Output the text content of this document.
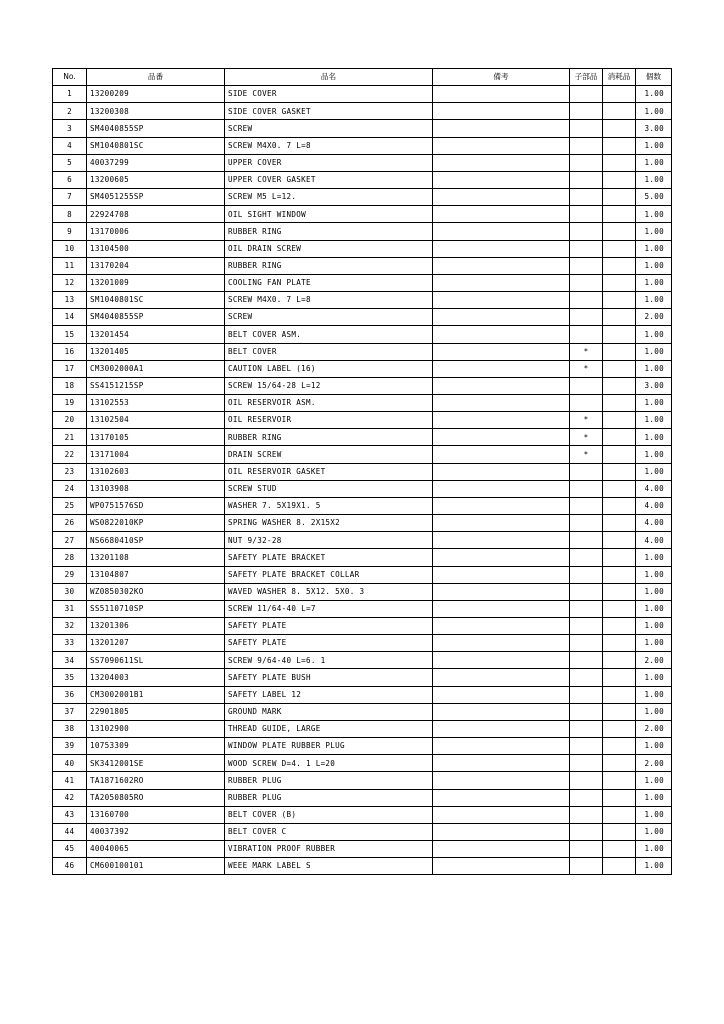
No.	品番	品名	備考	子部品	消耗品	個数
1	13200209	SIDE COVER				1.00
2	13200308	SIDE COVER GASKET				1.00
3	SM4040855SP	SCREW				3.00
4	SM1040801SC	SCREW M4X0. 7 L=8				1.00
5	40037299	UPPER COVER				1.00
6	13200605	UPPER COVER GASKET				1.00
7	SM4051255SP	SCREW M5 L=12.				5.00
8	22924708	OIL SIGHT WINDOW				1.00
9	13170006	RUBBER RING				1.00
10	13104500	OIL DRAIN SCREW				1.00
11	13170204	RUBBER RING				1.00
12	13201009	COOLING FAN PLATE				1.00
13	SM1040801SC	SCREW M4X0. 7 L=8				1.00
14	SM4040855SP	SCREW				2.00
15	13201454	BELT COVER ASM.				1.00
16	13201405	BELT COVER		*		1.00
17	CM3002000A1	CAUTION LABEL (16)		*		1.00
18	SS4151215SP	SCREW 15/64-28 L=12				3.00
19	13102553	OIL RESERVOIR ASM.				1.00
20	13102504	OIL RESERVOIR		*		1.00
21	13170105	RUBBER RING		*		1.00
22	13171004	DRAIN SCREW		*		1.00
23	13102603	OIL RESERVOIR GASKET				1.00
24	13103908	SCREW STUD				4.00
25	WP0751576SD	WASHER 7. 5X19X1. 5				4.00
26	WS0822010KP	SPRING WASHER 8. 2X15X2				4.00
27	NS6680410SP	NUT 9/32-28				4.00
28	13201108	SAFETY PLATE BRACKET				1.00
29	13104807	SAFETY PLATE BRACKET COLLAR				1.00
30	WZ0850302KO	WAVED WASHER 8. 5X12. 5X0. 3				1.00
31	SS5110710SP	SCREW 11/64-40 L=7				1.00
32	13201306	SAFETY PLATE				1.00
33	13201207	SAFETY PLATE				1.00
34	SS7090611SL	SCREW 9/64-40 L=6. 1				2.00
35	13204003	SAFETY PLATE BUSH				1.00
36	CM3002001B1	SAFETY LABEL 12				1.00
37	22901805	GROUND MARK				1.00
38	13102900	THREAD GUIDE, LARGE				2.00
39	10753309	WINDOW PLATE RUBBER PLUG				1.00
40	SK3412001SE	WOOD SCREW D=4. 1 L=20				2.00
41	TA1871602RO	RUBBER PLUG				1.00
42	TA2050805RO	RUBBER PLUG				1.00
43	13160700	BELT COVER (B)				1.00
44	40037392	BELT COVER C				1.00
45	40040065	VIBRATION PROOF RUBBER				1.00
46	CM600100101	WEEE MARK LABEL S				1.00
